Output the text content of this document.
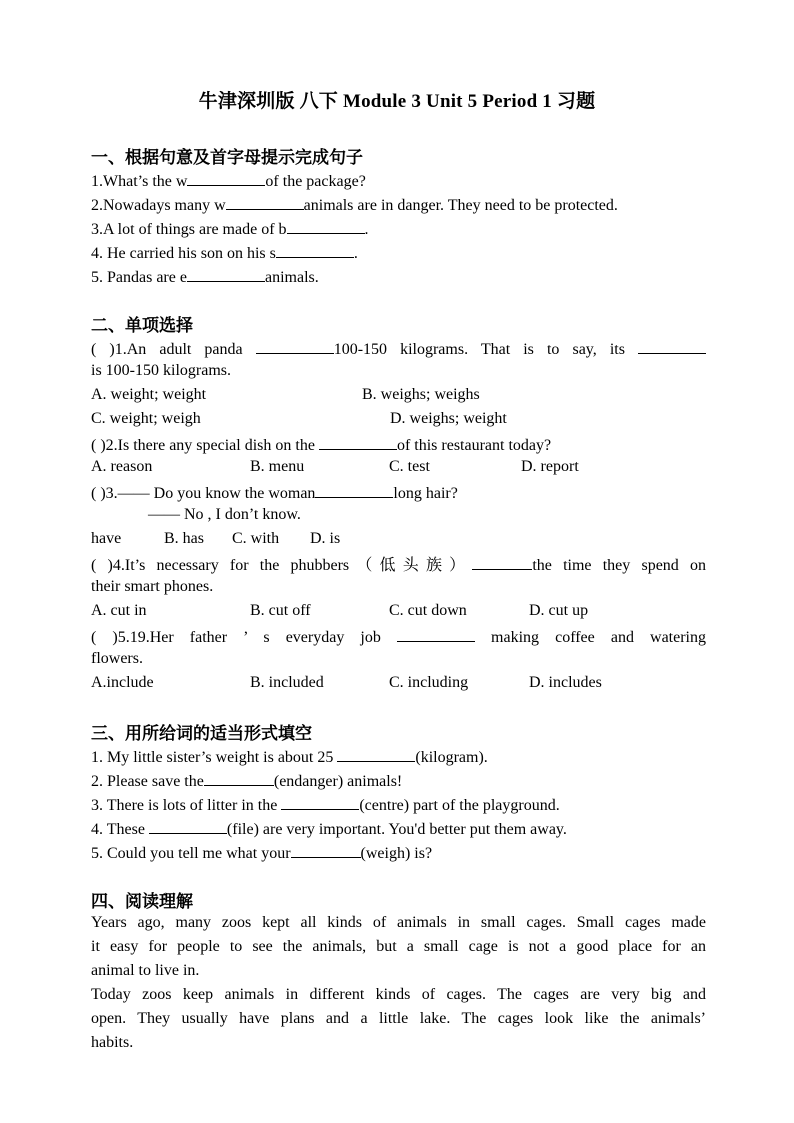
牛津深圳版 八下 Module 3 Unit 5 Period 1 习题
一、根据句意及首字母提示完成句子
1.What’s the w	of the package?
2.Nowadays many w	animals are in danger. They need to be protected.
3.A lot of things are made of b	.
4. He carried his son on his s	.
5. Pandas are e	animals.
二、单项选择
( )1.An adult panda	100-150 kilograms. That is to say, its
is 100-150 kilograms.
A. weight; weight	B. weighs; weighs
C. weight; weigh	D. weighs; weight
( )2.Is there any special dish on the	of this restaurant today?
A. reason	B. menu	C. test	D. report
( )3.—— Do you know the woman	long hair?
—— No , I don’t know.
have	B. has C. with D. is
( )4.It’s necessary for the phubbers（低头族）	the time they spend on
their smart phones.
A. cut in	B. cut off	C. cut down	D. cut up
( )5.19.Her father ’ s everyday job	making coffee and watering
flowers.
A.include	B. included	C. including	D. includes
三、用所给词的适当形式填空
1. My little sister’s weight is about 25	(kilogram).
2. Please save the	(endanger) animals!
3. There is lots of litter in the	(centre) part of the playground.
4. These	(file) are very important. You'd better put them away.
5. Could you tell me what your	(weigh) is?
四、阅读理解
Years ago, many zoos kept all kinds of animals in small cages. Small cages made
it easy for people to see the animals, but a small cage is not a good place for an
animal to live in.
Today zoos keep animals in different kinds of cages. The cages are very big and
open. They usually have plans and a little lake. The cages look like the animals’
habits.
